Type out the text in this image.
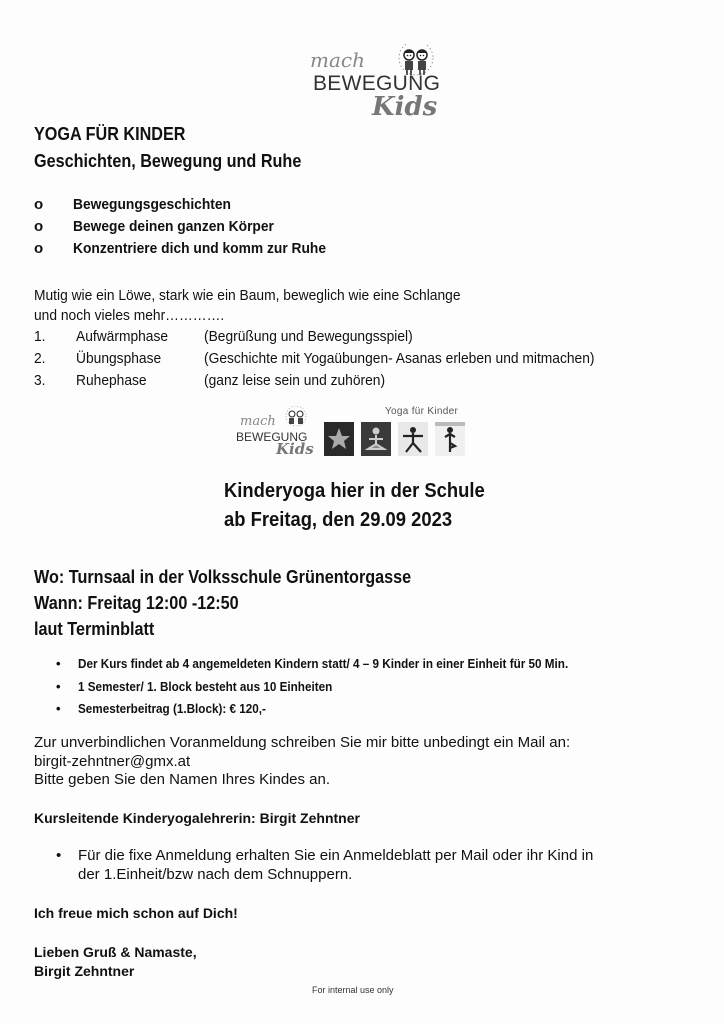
mach
BEWEGUNG
Kids
YOGA FÜR KINDER
Geschichten, Bewegung und Ruhe
o Bewegungsgeschichten
o Bewege deinen ganzen Körper
o Konzentriere dich und komm zur Ruhe
Mutig wie ein Löwe, stark wie ein Baum, beweglich wie eine Schlange
und noch vieles mehr………….
1. Aufwärmphase (Begrüßung und Bewegungsspiel)
2. Übungsphase	(Geschichte mit Yogaübungen- Asanas erleben und mitmachen)
3. Ruhephase	(ganz leise sein und zuhören)
mach
BEWEGUNG
Kids
Yoga für Kinder
Kinderyoga hier in der Schule
ab Freitag, den 29.09 2023
Wo: Turnsaal in der Volksschule Grünentorgasse
Wann: Freitag 12:00 -12:50
laut Terminblatt
• Der Kurs findet ab 4 angemeldeten Kindern statt/ 4 – 9 Kinder in einer Einheit für 50 Min.
• 1 Semester/ 1. Block besteht aus 10 Einheiten
• Semesterbeitrag (1.Block): € 120,-
Zur unverbindlichen Voranmeldung schreiben Sie mir bitte unbedingt ein Mail an:
birgit-zehntner@gmx.at
Bitte geben Sie den Namen Ihres Kindes an.
Kursleitende Kinderyogalehrerin: Birgit Zehntner
• Für die fixe Anmeldung erhalten Sie ein Anmeldeblatt per Mail oder ihr Kind in
der 1.Einheit/bzw nach dem Schnuppern.
Ich freue mich schon auf Dich!
Lieben Gruß & Namaste,
Birgit Zehntner
For internal use only
